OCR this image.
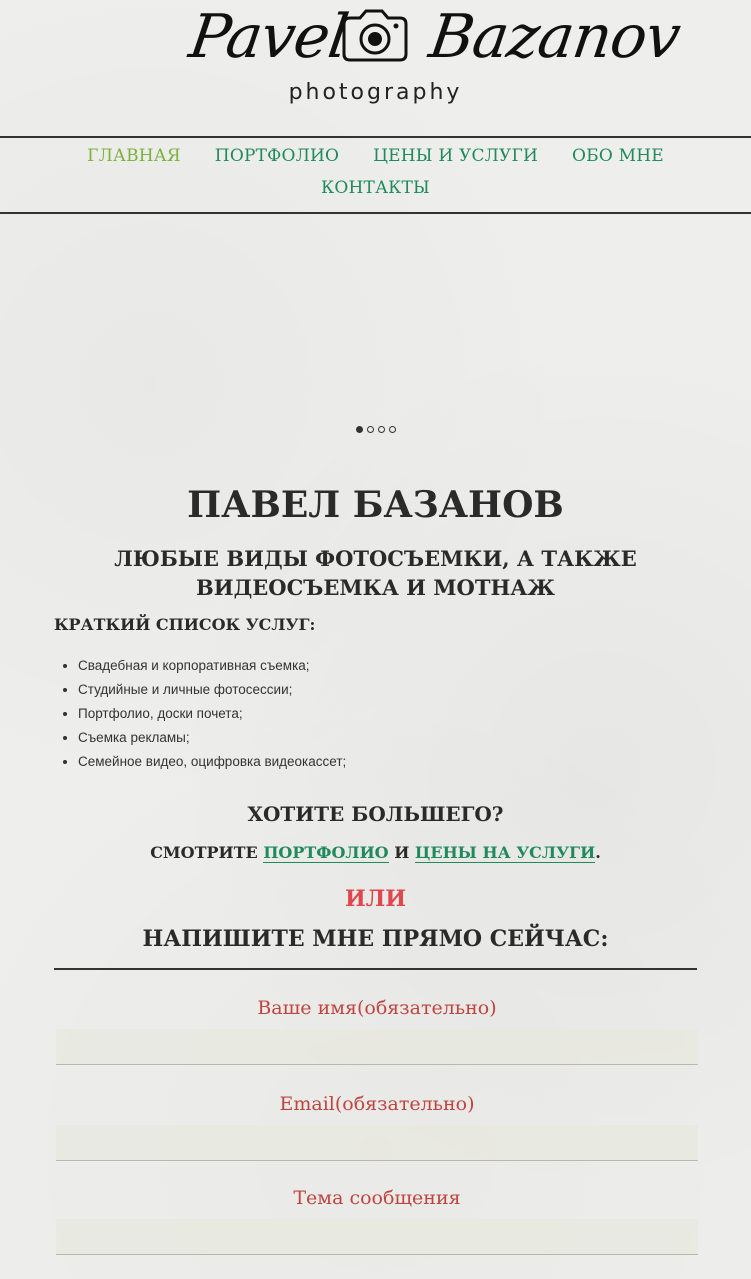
Pavel Bazanov
photography
ГЛАВНАЯ ПОРТФОЛИО ЦЕНЫ И УСЛУГИ ОБО МНЕ
КОНТАКТЫ
ПАВЕЛ БАЗАНОВ
ЛЮБЫЕ ВИДЫ ФОТОСЪЕМКИ, А ТАКЖЕ ВИДЕОСЪЕМКА И МОТНАЖ
КРАТКИЙ СПИСОК УСЛУГ:
• Свадебная и корпоративная съемка;
• Студийные и личные фотосессии;
• Портфолио, доски почета;
• Съемка рекламы;
• Семейное видео, оцифровка видеокассет;
ХОТИТЕ БОЛЬШЕГО?
СМОТРИТЕ ПОРТФОЛИО И ЦЕНЫ НА УСЛУГИ.
ИЛИ
НАПИШИТЕ МНЕ ПРЯМО СЕЙЧАС:
Ваше имя(обязательно)
Email(обязательно)
Тема сообщения
